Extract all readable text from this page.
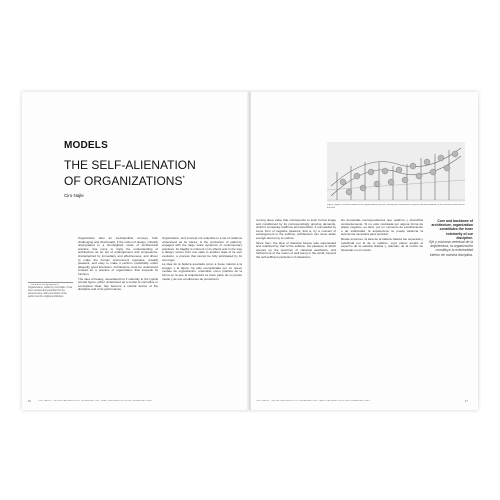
MODELS
THE SELF-ALIENATION
OF ORGANIZATIONS*
Ciro Najle

Organization after an inexhaustible concept, both challenging and charismatic, if the notion of design, critically downgraded to a shortsighted mode of architectural practice, has come to imply the understanding of architecture as an act of entanglement and competence, characterized by immediacy and effectiveness, and driven to make the human environment operative, visually pleasant, and easy to make it perform predictably under allegedly good intentions. Architecture must be understood instead as a practice of organization that exceeds its function.

The idea of beauty, associated but if naturally to the typical printed figure, either understood as a model of normative or conceptual ideal, has become a central device of the discipline and of its performance.

Organization, and concept not reducible to a set of relations understood as its traces, is the production of patterns, engaged with the large scale dynamics of contemporary practices. Its fragility is inherent in its effects and in the way a design moves from one state to another state of its own evolution, a process that cannot be fully anticipated by its own logic.

La idea de la belleza asociada como a fuese natural a la imagen y la figura, ha sido reemplazada por un nuevo modelo de organización, entendido como práctica de la forma en la que la arquitectura se hace parte de su propio medio y de sus condiciones de producción.

* This article first appeared in Organizations, edited by Ciro Najle. It has been revised and expanded for the present issue, with permission of the author and the original publishers.
CIRO NAJLE / THE SELF-ALIENATION OF ORGANIZATIONS / LA AUTOALIENACIÓN DE LAS ORGANIZACIONES
16
Figure caption: sectional model of the organizational system, showing the distribution of spaces and the repetition of the structural units across the field.

coming deep value that corresponds to such formal image and conditioned by its correspondingly growing demands, which it constantly reaffirms and diversifies. If unmodeled by some form of negative pleasure, that is, by a moment of estrangement or the sublime, architecture can never attain enough autonomy to endure.

Since then, the idea of classical beauty was superseded and redefined by that of the sublime: the pleasure of which opened up the spectrum of classical aesthetics, and furthermore of the notion of well being in the world, beyond the self-sufficient perfection of classicism.

las demandas correspondientes que reafirma y diversifica constantemente. Si no está modulada por alguna forma de placer negativo, es decir, por un momento de extrañamiento o de sublimidad, la arquitectura no puede alcanzar la autonomía necesaria para perdurar.

Desde entonces, la idea de la belleza clásica fue superada y redefinida por la de lo sublime, cuyo placer amplió el espectro de la estética clásica y, además, de la noción de bienestar en el mundo.

Core and backbone of architecture, organization constitutes the inner exteriority of our discipline.
Eje y columna vertebral de la arquitectura, la organización constituye la exterioridad interior de nuestra disciplina.
CIRO NAJLE / THE SELF-ALIENATION OF ORGANIZATIONS / LA AUTOALIENACIÓN DE LAS ORGANIZACIONES	17
